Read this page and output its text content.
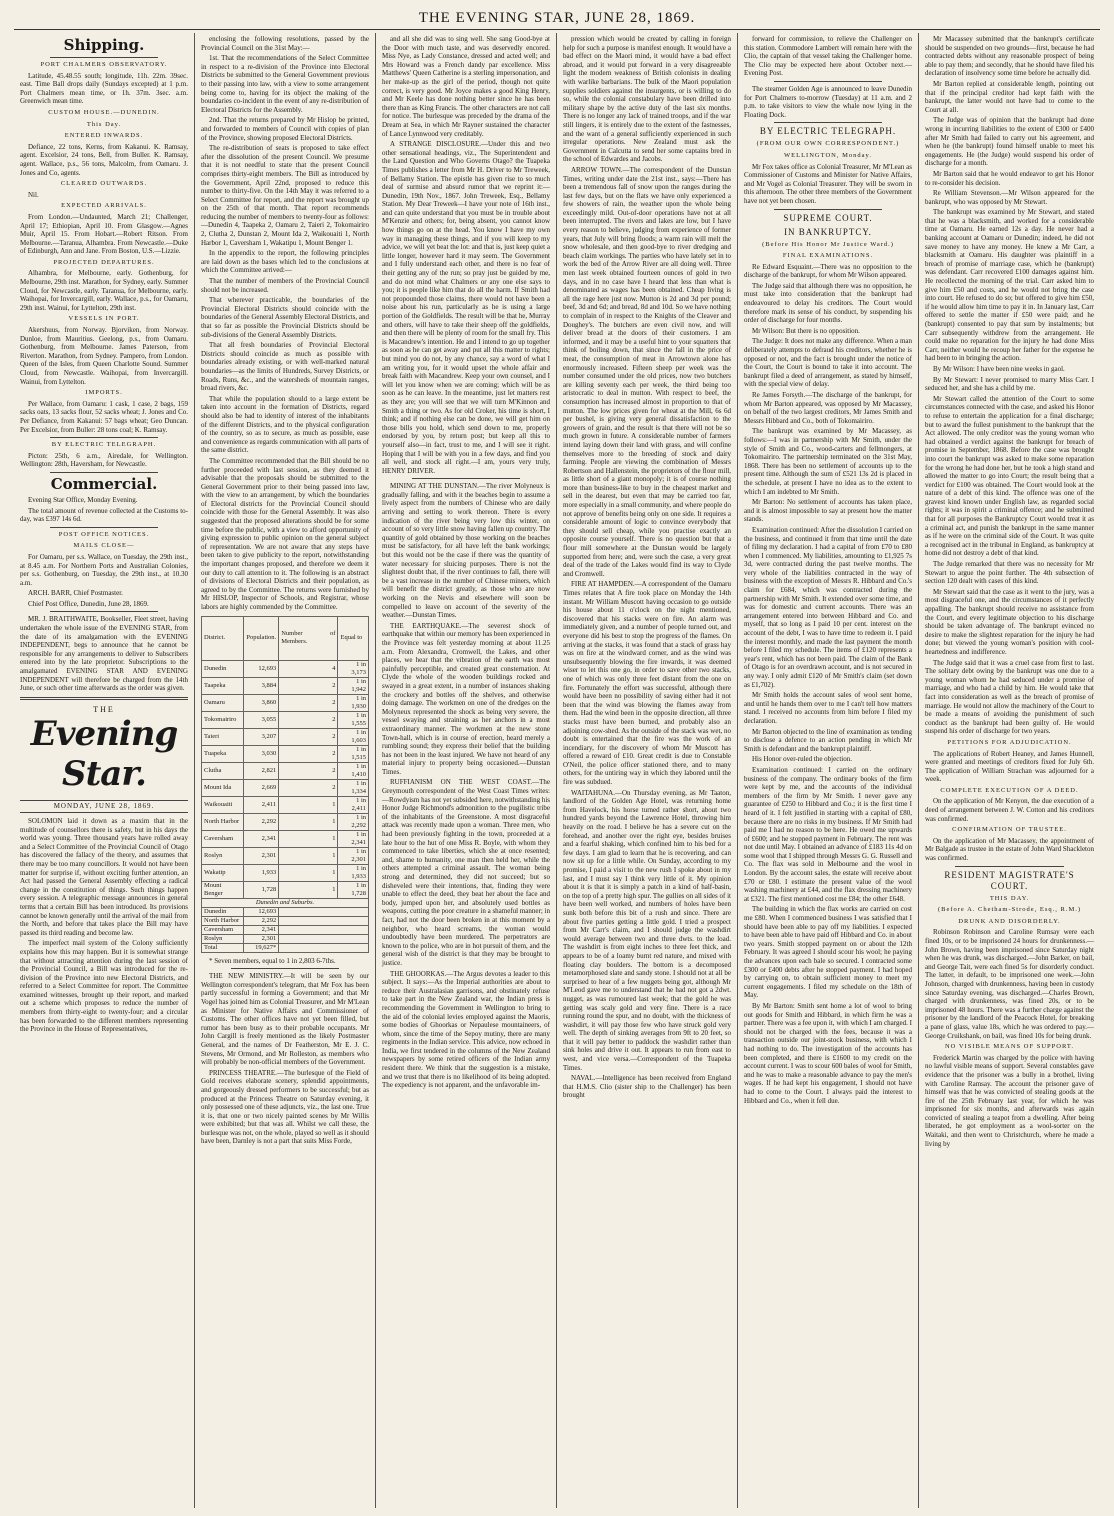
THE EVENING STAR, JUNE 28, 1869.
Shipping.
PORT CHALMERS OBSERVATORY.

Latitude, 45.48.55 south; longitude, 11h. 22m. 39sec. east. Time Ball drops daily (Sundays excepted) at 1 p.m. Port Chalmers mean time, or 1h. 37m. 3sec. a.m. Greenwich mean time.

CUSTOM HOUSE.—DUNEDIN.
This Day.
ENTERED INWARDS.

Defiance, 22 tons, Kerns, from Kakanui. K. Ramsay, agent. Excelsior, 24 tons, Bell, from Buller. K. Ramsay, agent. Wallace, p.s., 56 tons, Malcolm, from Oamaru. J. Jones and Co, agents.

CLEARED OUTWARDS.

Nil.

EXPECTED ARRIVALS.

From London.—Undaunted, March 21; Challenger, April 17; Ethiopian, April 10. From Glasgow.—Agnes Muir, April 15. From Hobart.—Robert Ritson. From Melbourne.—Taranua, Alhambra. From Newcastle.—Duke of Edinburgh, Ann and Jane. From Boston, U.S.—Lizzie.

PROJECTED DEPARTURES.

Alhambra, for Melbourne, early. Gothenburg, for Melbourne, 29th inst. Marathon, for Sydney, early. Summer Cloud, for Newcastle, early. Taranua, for Melbourne, early. Waihopai, for Invercargill, early. Wallace, p.s., for Oamaru, 29th inst. Wainui, for Lyttelton, 29th inst.

VESSELS IN PORT.

Akershuus, from Norway. Bjorviken, from Norway. Dunloe, from Mauritius. Geelong, p.s., from Oamaru. Gothenburg, from Melbourne. James Paterson, from Riverton. Marathon, from Sydney. Pampero, from London. Queen of the Isles, from Queen Charlotte Sound. Summer Cloud, from Newcastle. Waihopai, from Invercargill. Wainui, from Lyttelton.

IMPORTS.

Per Wallace, from Oamaru: 1 cask, 1 case, 2 bags, 159 sacks oats, 13 sacks flour, 52 sacks wheat; J. Jones and Co. Per Defiance, from Kakanui: 57 bags wheat; Geo Duncan. Per Excelsior, from Buller: 28 tons coal; K. Ramsay.

BY ELECTRIC TELEGRAPH.

Picton: 25th, 6 a.m., Airedale, for Wellington. Wellington: 28th, Haversham, for Newcastle.

Commercial.

Evening Star Office, Monday Evening.

The total amount of revenue collected at the Customs to-day, was £397 14s 6d.

POST OFFICE NOTICES.
MAILS CLOSE—

For Oamaru, per s.s. Wallace, on Tuesday, the 29th inst., at 8.45 a.m. For Northern Ports and Australian Colonies, per s.s. Gothenburg, on Tuesday, the 29th inst., at 10.30 a.m.

ARCH. BARR, Chief Postmaster.

Chief Post Office, Dunedin, June 28, 1869.

MR. J. BRAITHWAITE, Bookseller, Fleet street, having undertaken the whole issue of the EVENING STAR, from the date of its amalgamation with the EVENING INDEPENDENT, begs to announce that he cannot be responsible for any arrangements to deliver to Subscribers entered into by the late proprietor. Subscriptions to the amalgamated EVENING STAR AND EVENING INDEPENDENT will therefore be charged from the 14th June, or such other time afterwards as the order was given.

THE
Evening Star.
MONDAY, JUNE 28, 1869.

SOLOMON laid it down as a maxim that in the multitude of counsellors there is safety, but in his days the world was young. Three thousand years have rolled away and a Select Committee of the Provincial Council of Otago has discovered the fallacy of the theory, and assumes that there may be too many councillors. It would not have been matter for surprise if, without exciting further attention, an Act had passed the General Assembly effecting a radical change in the constitution of things. Such things happen every session. A telegraphic message announces in general terms that a certain Bill has been introduced. Its provisions cannot be known generally until the arrival of the mail from the North, and before that takes place the Bill may have passed its third reading and become law.

The imperfect mail system of the Colony sufficiently explains how this may happen. But it is somewhat strange that without attracting attention during the last session of the Provincial Council, a Bill was introduced for the re-division of the Province into new Electoral Districts, and referred to a Select Committee for report. The Committee examined witnesses, brought up their report, and marked out a scheme which proposes to reduce the number of members from thirty-eight to twenty-four; and a circular has been forwarded to the different members representing the Province in the House of Representatives,

enclosing the following resolutions, passed by the Provincial Council on the 31st May:—

1st. That the recommendations of the Select Committee in respect to a re-division of the Province into Electoral Districts be submitted to the General Government previous to their passing into law, with a view to some arrangement being come to, having for its object the making of the boundaries co-incident in the event of any re-distribution of Electoral Districts for the Assembly.

2nd. That the returns prepared by Mr Hislop be printed, and forwarded to members of Council with copies of plan of the Province, showing proposed Electoral Districts.

The re-distribution of seats is proposed to take effect after the dissolution of the present Council. We presume that it is not needful to state that the present Council comprises thirty-eight members. The Bill as introduced by the Government, April 22nd, proposed to reduce this number to thirty-five. On the 14th May it was referred to a Select Committee for report, and the report was brought up on the 25th of that month. That report recommends reducing the number of members to twenty-four as follows:—Dunedin 4, Taapeka 2, Oamaru 2, Taieri 2, Tokomairiro 2, Clutha 2, Dunstan 2, Mount Ida 2, Waikouaiti 1, North Harbor 1, Caversham 1, Wakatipu 1, Mount Benger 1.

In the appendix to the report, the following principles are laid down as the bases which led to the conclusions at which the Committee arrived:—

That the number of members of the Provincial Council should not be increased.

That wherever practicable, the boundaries of the Provincial Electoral Districts should coincide with the boundaries of the General Assembly Electoral Districts, and that so far as possible the Provincial Districts should be sub-divisions of the General Assembly Districts.

That all fresh boundaries of Provincial Electoral Districts should coincide as much as possible with boundaries already existing, or with well-marked natural boundaries—as the limits of Hundreds, Survey Districts, or Roads, Runs, &c., and the watersheds of mountain ranges, broad rivers, &c.

That while the population should to a large extent be taken into account in the formation of Districts, regard should also be had to identity of interest of the inhabitants of the different Districts, and to the physical configuration of the country, so as to secure, as much as possible, ease and convenience as regards communication with all parts of the same district.

The Committee recommended that the Bill should be no further proceeded with last session, as they deemed it advisable that the proposals should be submitted to the General Government prior to their being passed into law, with the view to an arrangement, by which the boundaries of Electoral districts for the Provincial Council should coincide with those for the General Assembly. It was also suggested that the proposed alterations should be for some time before the public, with a view to afford opportunity of giving expression to public opinion on the general subject of representation. We are not aware that any steps have been taken to give publicity to the report, notwithstanding the important changes proposed, and therefore we deem it our duty to call attention to it. The following is an abstract of divisions of Electoral Districts and their population, as agreed to by the Committee. The returns were furnished by Mr HISLOP, Inspector of Schools, and Registrar, whose labors are highly commended by the Committee.

District.	Population.	Number of Members.	Equal to
Dunedin	12,693	4	1 in 3,173
Taapeka	3,884	2	1 in 1,942
Oamaru	3,860	2	1 in 1,930
Tokomairiro	3,055	2	1 in 1,555
Taieri	3,207	2	1 in 1,603
Tuapeka	3,030	2	1 in 1,515
Clutha	2,821	2	1 in 1,410
Mount Ida	2,669	2	1 in 1,334
Waikouaiti	2,411	1	1 in 2,411
North Harbor	2,292	1	1 in 2,292
Caversham	2,341	1	1 in 2,341
Roslyn	2,301	1	1 in 2,301
Wakatip	1,933	1	1 in 1,933
Mount Benger	1,728	1	1 in 1,728
Dunedin and Suburbs.			
Dunedin	12,693		
North Harbor	2,292		
Caversham	2,341		
Roslyn	2,301		
Total	19,627*		

* Seven members, equal to 1 in 2,803 6-7ths.

THE NEW MINISTRY.—It will be seen by our Wellington correspondent's telegram, that Mr Fox has been partly successful in forming a Government; and that Mr Vogel has joined him as Colonial Treasurer, and Mr M'Lean as Minister for Native Affairs and Commissioner of Customs. The other offices have not yet been filled, but rumor has been busy as to their probable occupants. Mr John Cargill is freely mentioned as the likely Postmaster General, and the names of Dr Featherston, Mr E. J. C. Stevens, Mr Ormond, and Mr Rolleston, as members who will probably be non-official members of the Government.

PRINCESS THEATRE.—The burlesque of the Field of Gold receives elaborate scenery, splendid appointments, and gorgeously dressed performers to be successful; but as produced at the Princess Theatre on Saturday evening, it only possessed one of these adjuncts, viz., the last one. True it is, that one or two nicely painted scenes by Mr Willis were exhibited; but that was all. Whilst we call these, the burlesque was not, on the whole, played so well as it should have been, Darnley is not a part that suits Miss Forde,

and all she did was to sing well. She sang Good-bye at the Door with much taste, and was deservedly encored. Miss Nye, as Lady Constance, dressed and acted well; and Mrs Howard was a French dandy par excellence. Miss Matthews' Queen Catherine is a sterling impersonation, and her make-up as the girl of the period, though not quite correct, is very good. Mr Joyce makes a good King Henry, and Mr Keele has done nothing better since he has been there than as King Francis. The other characters are not call for notice. The burlesque was preceded by the drama of the Dream at Sea, in which Mr Rayner sustained the character of Lance Lynnwood very creditably.

A STRANGE DISCLOSURE.—Under this and two other sensational headings, viz., The Superintendent and the Land Question and Who Governs Otago? the Tuapeka Times publishes a letter from Mr H. Driver to Mr Treweek, of Bellamy Station. The epistle has given rise to so much deal of surmise and absurd rumor that we reprint it:—Dunedin, 19th Nov., 1867. John Treweek, Esq., Bellamy Station. My Dear Treweek—I have your note of 16th inst., and can quite understand that you must be in trouble about M'Kenzie and others; for, being absent, you cannot know how things go on at the head. You know I have my own way in managing these things, and if you will keep to my advice, we will yet beat the lot: and that is, just keep quiet a little longer, however hard it may seem. The Government and I fully understand each other, and there is no fear of their getting any of the run; so pray just be guided by me, and do not mind what Chalmers or any one else says to you; it is people like him that do all the harm. If Smith had not propounded those claims, there would not have been a noise about his run, particularly as he is using a large portion of the Goldfields. The result will be that he, Murray and others, will have to take their sheep off the goldfields, and then there will be plenty of room for the small fry. This is Macandrew's intention. He and I intend to go up together as soon as he can get away and put all this matter to rights; but mind you do not, by any chance, say a word of what I am writing you, for it would upset the whole affair and break faith with Macandrew. Keep your own counsel, and I will let you know when we are coming; which will be as soon as he can leave. In the meantime, just let matters rest as they are; you will see that we will turn M'Kinnon and Smith a thing or two. As for old Croker, his time is short, I think; and if nothing else can be done, we will get him on those bills you hold, which send down to me, properly endorsed by you, by return post; but keep all this to yourself also—in fact, trust to me, and I will see it right. Hoping that I will be with you in a few days, and find you all well, and stock all right.—I am, yours very truly, HENRY DRIVER.

MINING AT THE DUNSTAN.—The river Molyneux is gradually falling, and with it the beaches begin to assume a lively aspect from the numbers of Chinese who are daily arriving and setting to work thereon. There is every indication of the river being very low this winter, on account of so very little snow having fallen up country. The quantity of gold obtained by those working on the beaches must be satisfactory, for all have left the bank workings; but this would not be the case if there was the quantity of water necessary for sluicing purposes. There is not the slightest doubt that, if the river continues to fall, there will be a vast increase in the number of Chinese miners, which will benefit the district greatly, as those who are now working on the Nevis and elsewhere will soon be compelled to leave on account of the severity of the weather.—Dunstan Times.

THE EARTHQUAKE.—The severest shock of earthquake that within our memory has been experienced in the Province was felt yesterday morning at about 11.25 a.m. From Alexandra, Cromwell, the Lakes, and other places, we hear that the vibration of the earth was most painfully perceptible, and created great consternation. At Clyde the whole of the wooden buildings rocked and swayed in a great extent, in a number of instances shaking the crockery and bottles off the shelves, and otherwise doing damage. The workmen on one of the dredges on the Molyneux represented the shock as being very severe, the vessel swaying and straining as her anchors in a most extraordinary manner. The workmen at the new stone Town-hall, which is in course of erection, heard merely a rumbling sound; they express their belief that the building has not been in the least injured. We have not heard of any material injury to property being occasioned.—Dunstan Times.

RUFFIANISM ON THE WEST COAST.—The Greymouth correspondent of the West Coast Times writes:—Rowdyism has not yet subsided here, notwithstanding his Honor Judge Richmond's admonition to the pugilistic tribe of the inhabitants of the Greenstone. A most disgraceful attack was recently made upon a woman. Three men, who had been previously fighting in the town, proceeded at a late hour to the hut of one Miss R. Boyle, with whom they commenced to take liberties, which she at once resented; and, shame to humanity, one man then held her, while the others attempted a criminal assault. The woman being strong and determined, they did not succeed; but so disheveled were their intentions, that, finding they were unable to effect the deed, they beat her about the face and body, jumped upon her, and absolutely used bottles as weapons, cutting the poor creature in a shameful manner; in fact, had not the door been broken in at this moment by a neighbor, who heard screams, the woman would undoubtedly have been murdered. The perpetrators are known to the police, who are in hot pursuit of them, and the general wish of the district is that they may be brought to justice.

THE GHOORKAS.—The Argus devotes a leader to this subject. It says:—As the Imperial authorities are about to reduce their Australasian garrisons, and obstinately refuse to take part in the New Zealand war, the Indian press is recommending the Government in Wellington to bring to the aid of the colonial levies employed against the Maoris, some bodies of Ghoorkas or Nepaulese mountaineers, of whom, since the time of the Sepoy mutiny, there are many regiments in the Indian service. This advice, now echoed in India, we first tendered in the columns of the New Zealand newspapers by some retired officers of the Indian army resident there. We think that the suggestion is a mistake, and we trust that there is no likelihood of its being adopted. The expediency is not apparent, and the unfavorable im-

pression which would be created by calling in foreign help for such a purpose is manifest enough. It would have a bad effect on the Maori mind, it would have a bad effect abroad, and it would put forward in a very disagreeable light the modern weakness of British colonists in dealing with warlike barbarians. The bulk of the Maori population supplies soldiers against the insurgents, or is willing to do so, while the colonial constabulary have been drilled into military shape by the active duty of the last six months. There is no longer any lack of trained troops, and if the war still lingers, it is entirely due to the extent of the fastnesses, and the want of a general sufficiently experienced in such irregular operations. New Zealand must ask the Government in Calcutta to send her some captains bred in the school of Edwardes and Jacobs.

ARROW TOWN.—The correspondent of the Dunstan Times, writing under date the 21st inst., says:—There has been a tremendous fall of snow upon the ranges during the last few days, but on the flats we have only experienced a few showers of rain, the weather upon the whole being exceedingly mild. Out-of-door operations have not at all been interrupted. The rivers and lakes are low, but I have every reason to believe, judging from experience of former years, that July will bring floods; a warm rain will melt the snow wholesale, and then good-bye to river dredging and beach claim workings. The parties who have lately set in to work the bed of the Arrow River are all doing well. Three men last week obtained fourteen ounces of gold in two days, and in no case have I heard that less than what is denominated as wages has been obtained. Cheap living is all the rage here just now. Mutton is 2d and 3d per pound; beef, 3d and 6d; and bread, 8d and 10d. So we have nothing to complain of in respect to the Knights of the Cleaver and Doughey's. The butchers are even civil now, and will deliver bread at the doors of their customers. I am informed, and it may be a useful hint to your squatters that think of boiling down, that since the fall in the price of meat, the consumption of meat in Arrowtown alone has enormously increased. Fifteen sheep per week was the number consumed under the old prices, now two butchers are killing seventy each per week, the third being too aristocratic to deal in mutton. With respect to beef, the consumption has increased almost in proportion to that of mutton. The low prices given for wheat at the Mill, 6s 6d per bushel, is giving very general dissatisfaction to the growers of grain, and the result is that there will not be so much grown in future. A considerable number of farmers intend laying down their land with grass, and will confine themselves more to the breeding of stock and dairy farming. People are viewing the combination of Messrs Robertson and Hallenstein, the proprietors of the flour mill, as little short of a giant monopoly; it is of course nothing more than business-like to buy in the cheapest market and sell in the dearest, but even that may be carried too far, more especially in a small community, and where people do not approve of benefits being only on one side. It requires a considerable amount of logic to convince everybody that they should sell cheap, while you practise exactly an opposite course yourself. There is no question but that a flour mill somewhere at the Dunstan would be largely supported from here; and, were such the case, a very great deal of the trade of the Lakes would find its way to Clyde and Cromwell.

FIRE AT HAMPDEN.—A correspondent of the Oamaru Times relates that A fire took place on Monday the 14th instant. Mr William Muscott having occasion to go outside his house about 11 o'clock on the night mentioned, discovered that his stacks were on fire. An alarm was immediately given, and a number of people turned out, and everyone did his best to stop the progress of the flames. On arriving at the stacks, it was found that a stack of grass hay was on fire at the windward corner, and as the wind was unsubsequently blowing the fire inwards, it was deemed wiser to let this one go, in order to save other two stacks, one of which was only three feet distant from the one on fire. Fortunately the effort was successful, although there would have been no possibility of saving either had it not been that the wind was blowing the flames away from them. Had the wind been in the opposite direction, all three stacks must have been burned, and probably also an adjoining cow-shed. As the outside of the stack was wet, no doubt is entertained that the fire was the work of an incendiary, for the discovery of whom Mr Muscott has offered a reward of £10. Great credit is due to Constable O'Neil, the police officer stationed there, and to many others, for the untiring way in which they labored until the fire was subdued.

WAITAHUNA.—On Thursday evening, as Mr Taaton, landlord of the Golden Age Hotel, was returning home from Havelock, his horse turned rather short, about two hundred yards beyond the Lawrence Hotel, throwing him heavily on the road. I believe he has a severe cut on the forehead, and another over the right eye, besides bruises and a fearful shaking, which confined him to his bed for a few days. I am glad to learn that he is recovering, and can now sit up for a little while. On Sunday, according to my promise, I paid a visit to the new rush I spoke about in my last, and I must say I think very little of it. My opinion about it is that it is simply a patch in a kind of half-basin, on the top of a pretty high spur. The gullies on all sides of it have been well worked, and numbers of holes have been sunk both before this bit of a rush and since. There are about five parties getting a little gold. I tried a prospect from Mr Carr's claim, and I should judge the washdirt would average between two and three dwts. to the load. The washdirt is from eight inches to three feet thick, and appears to be of a loamy burnt red nature, and mixed with floating clay boulders. The bottom is a decomposed metamorphosed slate and sandy stone. I should not at all be surprised to hear of a few nuggets being got, although Mr M'Leod gave me to understand that he had not got a 2dwt. nugget, as was rumoured last week; that the gold he was getting was scaly gold and very fine. There is a race running round the spur, and no doubt, with the thickness of washdirt, it will pay those few who have struck gold very well. The depth of sinking averages from 9ft to 20 feet, so that it will pay better to paddock the washdirt rather than sink holes and drive it out. It appears to run from east to west, and vice versa.—Correspondent of the Tuapeka Times.

NAVAL.—Intelligence has been received from England that H.M.S. Clio (sister ship to the Challenger) has been brought

forward for commission, to relieve the Challenger on this station. Commodore Lambert will remain here with the Clio, the captain of that vessel taking the Challenger home. The Clio may be expected here about October next.—Evening Post.

The steamer Golden Age is announced to leave Dunedin for Port Chalmers to-morrow (Tuesday) at 11 a.m. and 2 p.m. to take visitors to view the whale now lying in the Floating Dock.

BY ELECTRIC TELEGRAPH.
(FROM OUR OWN CORRESPONDENT.)
WELLINGTON, Monday.

Mr Fox takes office as Colonial Treasurer, Mr M'Lean as Commissioner of Customs and Minister for Native Affairs, and Mr Vogel as Colonial Treasurer. They will be sworn in this afternoon. The other three members of the Government have not yet been chosen.

SUPREME COURT.
IN BANKRUPTCY.
(Before His Honor Mr Justice Ward.)
FINAL EXAMINATIONS.

Re Edward Esquaint.—There was no opposition to the discharge of the bankrupt, for whom Mr Wilson appeared.

The Judge said that although there was no opposition, he must take into consideration that the bankrupt had endeavoured to delay his creditors. The Court would therefore mark its sense of his conduct, by suspending his order of discharge for four months.

Mr Wilson: But there is no opposition.

The Judge: It does not make any difference. When a man deliberately attempts to defraud his creditors, whether he is opposed or not, and the fact is brought under the notice of the Court, the Court is bound to take it into account. The bankrupt filed a deed of arrangement, as stated by himself, with the special view of delay.

Re James Forsyth.—The discharge of the bankrupt, for whom Mr Barton appeared, was opposed by Mr Macassey, on behalf of the two largest creditors, Mr James Smith and Messrs Hibbard and Co., both of Tokomairiro.

The bankrupt was examined by Mr Macassey, as follows:—I was in partnership with Mr Smith, under the style of Smith and Co., wood-carters and fellmongers, at Tokomairiro. The partnership terminated on the 31st May, 1868. There has been no settlement of accounts up to the present time. Although the sum of £521 13s 2d is placed in the schedule, at present I have no idea as to the extent to which I am indebted to Mr Smith.

Mr Barton: No settlement of accounts has taken place, and it is almost impossible to say at present how the matter stands.

Examination continued: After the dissolution I carried on the business, and continued it from that time until the date of filing my declaration. I had a capital of from £70 to £80 when I commenced. My liabilities, amounting to £1,925 7s 3d, were contracted during the past twelve months. The very whole of the liabilities contracted in the way of business with the exception of Messrs R. Hibbard and Co.'s claim for £684, which was contracted during the partnership with Mr Smith. It extended over some time, and was for domestic and current accounts. There was an arrangement entered into between Hibbard and Co. and myself, that so long as I paid 10 per cent. interest on the account of the debt, I was to have time to redeem it. I paid the interest monthly, and made the last payment the month before I filed my schedule. The items of £120 represents a year's rent, which has not been paid. The claim of the Bank of Otago is for an overdrawn account, and is not secured in any way. I only admit £120 of Mr Smith's claim (set down as £1,702).

Mr Smith holds the account sales of wool sent home, and until he hands them over to me I can't tell how matters stand. I received no accounts from him before I filed my declaration.

Mr Barton objected to the line of examination as tending to disclose a defence to an action pending in which Mr Smith is defendant and the bankrupt plaintiff.

His Honor over-ruled the objection.

Examination continued: I carried on the ordinary business of the company. The ordinary books of the firm were kept by me, and the accounts of the individual members of the firm by Mr Smith. I never gave any guarantee of £250 to Hibbard and Co.; it is the first time I heard of it. I felt justified in starting with a capital of £80, because there are no risks in my business. If Mr Smith had paid me I had no reason to be here. He owed me upwards of £600; and he stopped payment in February. The rent was not due until May. I obtained an advance of £183 11s 4d on some wool that I shipped through Messrs G. G. Russell and Co. The flax was sold in Melbourne and the wool in London. By the account sales, the estate will receive about £70 or £80. I estimate the present value of the wool washing machinery at £44, and the flax dressing machinery at £321. The first mentioned cost me £84; the other £648.

The building in which the flax works are carried on cost me £80. When I commenced business I was satisfied that I should have been able to pay off my liabilities. I expected to have been able to have paid off Hibbard and Co. in about two years. Smith stopped payment on or about the 12th February. It was agreed I should scour his wool; he paying the advances upon each bale so secured. I contracted some £300 or £400 debts after he stopped payment. I had hoped by carrying on, to obtain sufficient money to meet my current engagements. I filed my schedule on the 18th of May.

By Mr Barton: Smith sent home a lot of wool to bring out goods for Smith and Hibbard, in which firm he was a partner. There was a fee upon it, with which I am charged. I should not be charged with the fees, because it was a transaction outside our joint-stock business, with which I had nothing to do. The investigation of the accounts has been completed, and there is £1600 to my credit on the account current. I was to scour 600 bales of wool for Smith, and he was to make a reasonable advance to pay the men's wages. If he had kept his engagement, I should not have had to come to the Court. I always paid the interest to Hibbard and Co., when it fell due.

Mr Macassey submitted that the bankrupt's certificate should be suspended on two grounds—first, because he had contracted debts without any reasonable prospect of being able to pay them; and secondly, that he should have filed his declaration of insolvency some time before he actually did.

Mr Barton replied at considerable length, pointing out that if the principal creditor had kept faith with the bankrupt, the latter would not have had to come to the Court at all.

The Judge was of opinion that the bankrupt had done wrong in incurring liabilities to the extent of £300 or £400 after Mr Smith had failed to carry out his agreement, and when he (the bankrupt) found himself unable to meet his engagements. He (the Judge) would suspend his order of discharge for a month.

Mr Barton said that he would endeavor to get his Honor to re-consider his decision.

Re William Stevenson.—Mr Wilson appeared for the bankrupt, who was opposed by Mr Stewart.

The bankrupt was examined by Mr Stewart, and stated that he was a blacksmith, and worked for a considerable time at Oamaru. He earned 12s a day. He never had a banking account at Oamaru or Dunedin; indeed, he did not save money to have any money. He knew a Mr Carr, a blacksmith at Oamaru. His daughter was plaintiff in a breach of promise of marriage case, which he (bankrupt) was defendant. Carr recovered £100 damages against him. He recollected the morning of the trial. Carr asked him to give him £50 and costs, and he would not bring the case into court. He refused to do so; but offered to give him £50, if he would allow him time to pay it in. In January last, Carr offered to settle the matter if £50 were paid; and he (bankrupt) consented to pay that sum by instalments; but Carr subsequently withdrew from the arrangement. He could make no reparation for the injury he had done Miss Carr, neither would he recoup her father for the expense he had been to in bringing the action.

By Mr Wilson: I have been nine weeks in gaol.

By Mr Stewart: I never promised to marry Miss Carr. I seduced her, and she has a child by me.

Mr Stewart called the attention of the Court to some circumstances connected with the case, and asked his Honor to refuse to entertain the application for a final discharge; but to award the fullest punishment to the bankrupt that the Act allowed. The only creditor was the young woman who had obtained a verdict against the bankrupt for breach of promise in September, 1868. Before the case was brought into court the bankrupt was asked to make some reparation for the wrong he had done her, but he took a high stand and allowed the matter to go into Court; the result being that a verdict for £100 was obtained. The Court would look at the nature of a debt of this kind. The offence was one of the gravest kind known under English law, as regarded social rights; it was in spirit a criminal offence; and he submitted that for all purposes the Bankruptcy Court would treat it as a criminal act, and punish the bankrupt in the same manner as if he were on the criminal side of the Court. It was quite a recognised act in the tribunal in England, as bankruptcy at home did not destroy a debt of that kind.

The Judge remarked that there was no necessity for Mr Stewart to argue the point further. The 4th subsection of section 120 dealt with cases of this kind.

Mr Stewart said that the case as it went to the jury, was a most disgraceful one, and the circumstances of it perfectly appalling. The bankrupt should receive no assistance from the Court, and every legitimate objection to his discharge should be taken advantage of. The bankrupt evinced no desire to make the slightest reparation for the injury he had done; but viewed the young woman's position with cool-heartedness and indifference.

The Judge said that it was a cruel case from first to last. The solitary debt owing by the bankrupt was one due to a young woman whom he had seduced under a promise of marriage, and who had a child by him. He would take that fact into consideration as well as the breach of promise of marriage. He would not allow the machinery of the Court to be made a means of avoiding the punishment of such conduct as the bankrupt had been guilty of. He would suspend his order of discharge for two years.

PETITIONS FOR ADJUDICATION.

The applications of Robert Heaney, and James Hunnell, were granted and meetings of creditors fixed for July 6th. The application of William Strachan was adjourned for a week.

COMPLETE EXECUTION OF A DEED.

On the application of Mr Kenyon, the due execution of a deed of arrangement between J. W. Cotton and his creditors was confirmed.

CONFIRMATION OF TRUSTEE.

On the application of Mr Macassey, the appointment of Mr Balgade as trustee in the estate of John Ward Shackleton was confirmed.

RESIDENT MAGISTRATE'S COURT.
THIS DAY.
(Before A. Chetham-Strode, Esq., R.M.)
DRUNK AND DISORDERLY.

Robinson Robinson and Caroline Rumsay were each fined 10s, or to be imprisoned 24 hours for drunkenness.—John Brown, having been imprisoned since Saturday night when he was drunk, was discharged.—John Barker, on bail, and George Tait, were each fined 5s for disorderly conduct. The latter, in default, to be imprisoned one week.—John Johnson, charged with drunkenness, having been in custody since Saturday evening, was discharged.—Charles Brown, charged with drunkenness, was fined 20s, or to be imprisoned 48 hours. There was a further charge against the prisoner by the landlord of the Peacock Hotel, for breaking a pane of glass, value 18s, which he was ordered to pay.—George Cruikshank, on bail, was fined 10s for being drunk.

NO VISIBLE MEANS OF SUPPORT.

Frederick Martin was charged by the police with having no lawful visible means of support. Several constables gave evidence that the prisoner was a bully in a brothel, living with Caroline Ramsay. The account the prisoner gave of himself was that he was convicted of stealing goods at the fire of the 25th February last year, for which he was imprisoned for six months, and afterwards was again convicted of stealing a teapot from a dwelling. After being liberated, he got employment as a wool-sorter on the Waitaki, and then went to Christchurch, where he made a living by
